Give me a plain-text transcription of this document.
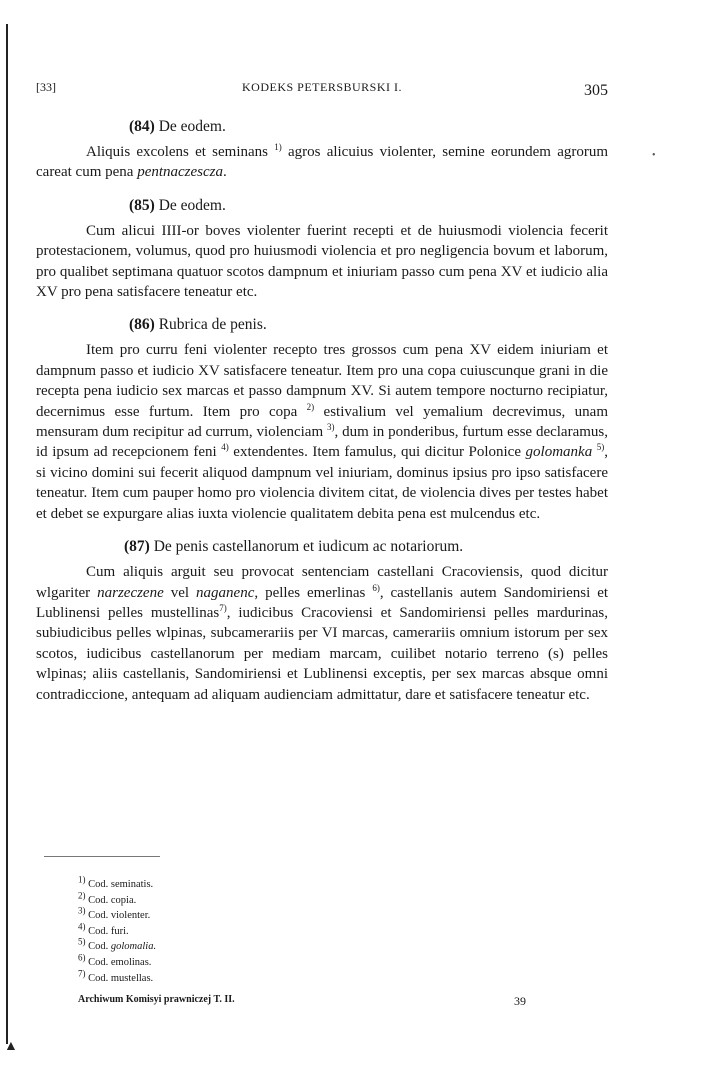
▲
•
[33]	KODEKS PETERSBURSKI I.	305
(84) De eodem.

Aliquis excolens et seminans $^{1)}$ agros alicuius violenter, semine eorundem agrorum careat cum pena pentnaczescza.

(85) De eodem.

Cum alicui IIII-or boves violenter fuerint recepti et de huiusmodi violencia fecerit protestacionem, volumus, quod pro huiusmodi violencia et pro negligencia bovum et laborum, pro qualibet septimana quatuor scotos dampnum et iniuriam passo cum pena XV et iudicio alia XV pro pena satisfacere teneatur etc.

(86) Rubrica de penis.

Item pro curru feni violenter recepto tres grossos cum pena XV eidem iniuriam et dampnum passo et iudicio XV satisfacere teneatur. Item pro una copa cuiuscunque grani in die recepta pena iudicio sex marcas et passo dampnum XV. Si autem tempore nocturno recipiatur, decernimus esse furtum. Item pro copa $^{2)}$ estivalium vel yemalium decrevimus, unam mensuram dum recipitur ad currum, violenciam $^{3)}$, dum in ponderibus, furtum esse declaramus, id ipsum ad recepcionem feni $^{4)}$ extendentes. Item famulus, qui dicitur Polonice golomanka $^{5)}$, si vicino domini sui fecerit aliquod dampnum vel iniuriam, dominus ipsius pro ipso satisfacere teneatur. Item cum pauper homo pro violencia divitem citat, de violencia dives per testes habet et debet se expurgare alias iuxta violencie qualitatem debita pena est mulcendus etc.

(87) De penis castellanorum et iudicum ac notariorum.

Cum aliquis arguit seu provocat sentenciam castellani Cracoviensis, quod dicitur wlgariter narzeczene vel naganenc, pelles emerlinas $^{6)}$, castellanis autem Sandomiriensi et Lublinensi pelles mustellinas$^{7)}$, iudicibus Cracoviensi et Sandomiriensi pelles mardurinas, subiudicibus pelles wlpinas, subcamerariis per VI marcas, camerariis omnium istorum per sex scotos, iudicibus castellanorum per mediam marcam, cuilibet notario terreno (s) pelles wlpinas; aliis castellanis, Sandomiriensi et Lublinensi exceptis, per sex marcas absque omni contradiccione, antequam ad aliquam audienciam admittatur, dare et satisfacere teneatur etc.

$^{1)}$ Cod. seminatis.
$^{2)}$ Cod. copia.
$^{3)}$ Cod. violenter.
$^{4)}$ Cod. furi.
$^{5)}$ Cod. golomalia.
$^{6)}$ Cod. emolinas.
$^{7)}$ Cod. mustellas.
Archiwum Komisyi prawniczej T. II.	39
